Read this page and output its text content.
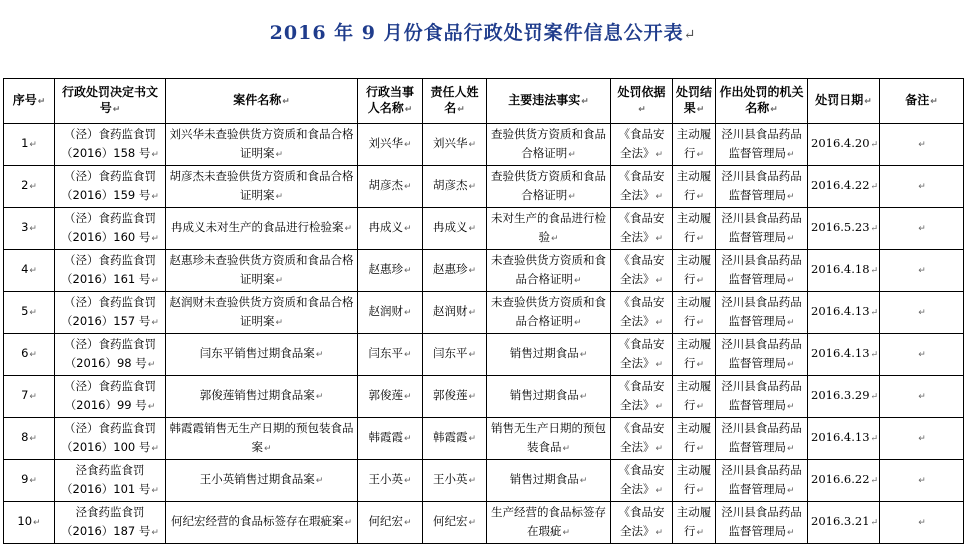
2016 年 9 月份食品行政处罚案件信息公开表↵
序号↵	行政处罚决定书文号↵	案件名称↵	行政当事人名称↵	责任人姓名↵	主要违法事实↵	处罚依据↵	处罚结果↵	作出处罚的机关名称↵	处罚日期↵	备注↵
1↵	（泾）食药监食罚（2016）158 号↵	刘兴华未查验供货方资质和食品合格证明案↵	刘兴华↵	刘兴华↵	查验供货方资质和食品合格证明↵	《食品安全法》↵	主动履行↵	泾川县食品药品监督管理局↵	2016.4.20↵	↵
2↵	（泾）食药监食罚（2016）159 号↵	胡彦杰未查验供货方资质和食品合格证明案↵	胡彦杰↵	胡彦杰↵	查验供货方资质和食品合格证明↵	《食品安全法》↵	主动履行↵	泾川县食品药品监督管理局↵	2016.4.22↵	↵
3↵	（泾）食药监食罚（2016）160 号↵	冉成义未对生产的食品进行检验案↵	冉成义↵	冉成义↵	未对生产的食品进行检验↵	《食品安全法》↵	主动履行↵	泾川县食品药品监督管理局↵	2016.5.23↵	↵
4↵	（泾）食药监食罚（2016）161 号↵	赵惠珍未查验供货方资质和食品合格证明案↵	赵惠珍↵	赵惠珍↵	未查验供货方资质和食品合格证明↵	《食品安全法》↵	主动履行↵	泾川县食品药品监督管理局↵	2016.4.18↵	↵
5↵	（泾）食药监食罚（2016）157 号↵	赵润财未查验供货方资质和食品合格证明案↵	赵润财↵	赵润财↵	未查验供货方资质和食品合格证明↵	《食品安全法》↵	主动履行↵	泾川县食品药品监督管理局↵	2016.4.13↵	↵
6↵	（泾）食药监食罚（2016）98 号↵	闫东平销售过期食品案↵	闫东平↵	闫东平↵	销售过期食品↵	《食品安全法》↵	主动履行↵	泾川县食品药品监督管理局↵	2016.4.13↵	↵
7↵	（泾）食药监食罚（2016）99 号↵	郭俊莲销售过期食品案↵	郭俊莲↵	郭俊莲↵	销售过期食品↵	《食品安全法》↵	主动履行↵	泾川县食品药品监督管理局↵	2016.3.29↵	↵
8↵	（泾）食药监食罚（2016）100 号↵	韩霞霞销售无生产日期的预包装食品案↵	韩霞霞↵	韩霞霞↵	销售无生产日期的预包装食品↵	《食品安全法》↵	主动履行↵	泾川县食品药品监督管理局↵	2016.4.13↵	↵
9↵	泾食药监食罚（2016）101 号↵	王小英销售过期食品案↵	王小英↵	王小英↵	销售过期食品↵	《食品安全法》↵	主动履行↵	泾川县食品药品监督管理局↵	2016.6.22↵	↵
10↵	泾食药监食罚（2016）187 号↵	何纪宏经营的食品标签存在瑕疵案↵	何纪宏↵	何纪宏↵	生产经营的食品标签存在瑕疵↵	《食品安全法》↵	主动履行↵	泾川县食品药品监督管理局↵	2016.3.21↵	↵
